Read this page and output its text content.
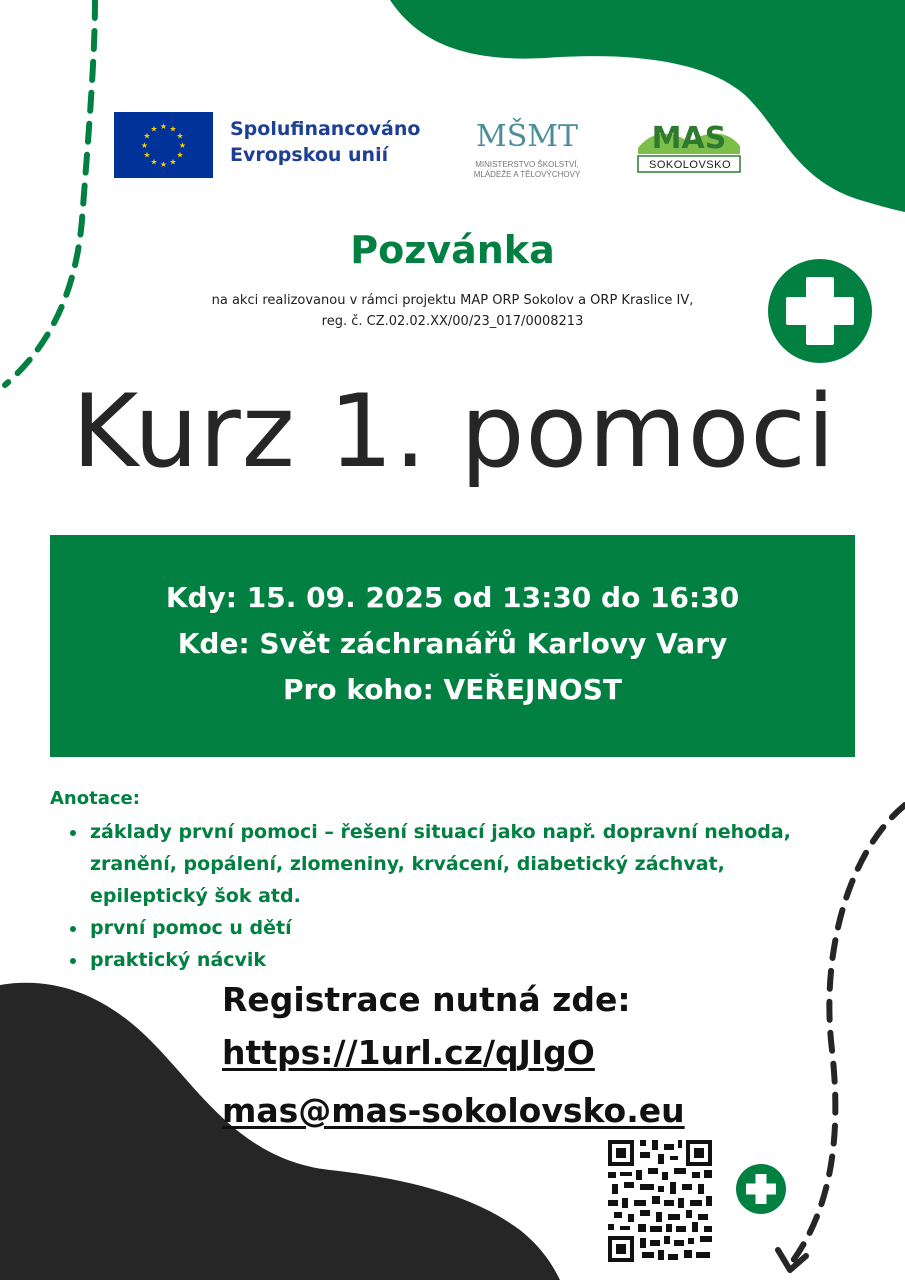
★ ★
★
★
★
★
★
★
★
★
★
★	Spolufinancováno
Evropskou unií
MŠMT
MINISTERSTVO ŠKOLSTVÍ,
MLÁDEŽE A TĚLOVÝCHOVY
MAS
SOKOLOVSKO
Pozvánka
na akci realizovanou v rámci projektu MAP ORP Sokolov a ORP Kraslice IV,
reg. č. CZ.02.02.XX/00/23_017/0008213
Kurz 1. pomoci
Kdy: 15. 09. 2025 od 13:30 do 16:30
Kde: Svět záchranářů Karlovy Vary
Pro koho: VEŘEJNOST
Anotace:
• základy první pomoci – řešení situací jako např. dopravní nehoda, zranění, popálení, zlomeniny, krvácení, diabetický záchvat, epileptický šok atd.
• první pomoc u dětí
• praktický nácvik
Registrace nutná zde:
https://1url.cz/qJIgO
mas@mas-sokolovsko.eu
